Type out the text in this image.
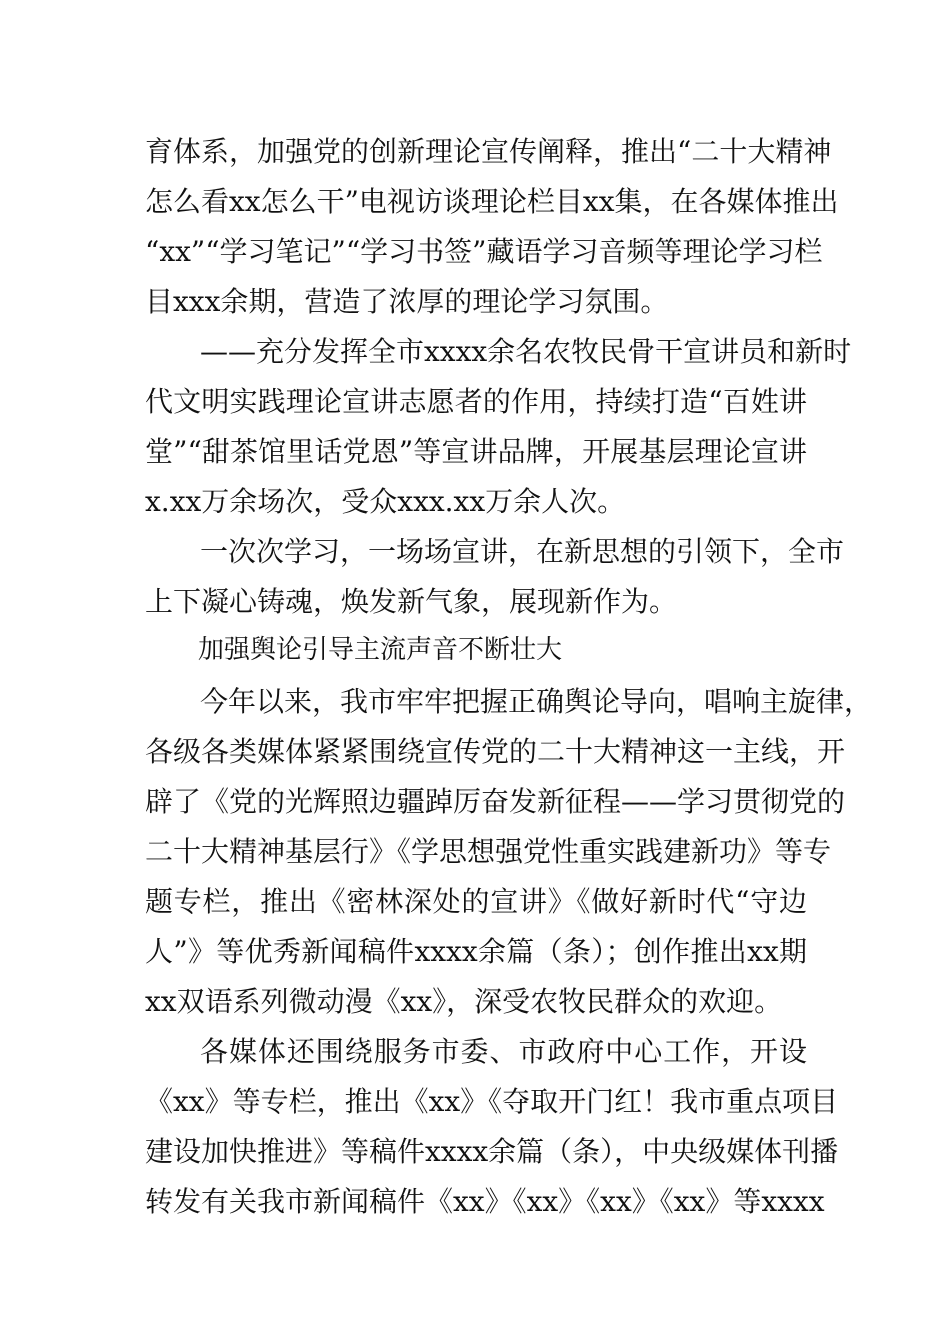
育体系，加强党的创新理论宣传阐释，推出“二十大精神
怎么看xx怎么干”电视访谈理论栏目xx集，在各媒体推出
“xx”“学习笔记”“学习书签”藏语学习音频等理论学习栏
目xxx余期，营造了浓厚的理论学习氛围。
——充分发挥全市xxxx余名农牧民骨干宣讲员和新时
代文明实践理论宣讲志愿者的作用，持续打造“百姓讲
堂”“甜茶馆里话党恩”等宣讲品牌，开展基层理论宣讲
x.xx万余场次，受众xxx.xx万余人次。
一次次学习，一场场宣讲，在新思想的引领下，全市
上下凝心铸魂，焕发新气象，展现新作为。
加强舆论引导主流声音不断壮大
今年以来，我市牢牢把握正确舆论导向，唱响主旋律，
各级各类媒体紧紧围绕宣传党的二十大精神这一主线，开
辟了《党的光辉照边疆踔厉奋发新征程——学习贯彻党的
二十大精神基层行》《学思想强党性重实践建新功》等专
题专栏，推出《密林深处的宣讲》《做好新时代“守边
人”》等优秀新闻稿件xxxx余篇（条）；创作推出xx期
xx双语系列微动漫《xx》，深受农牧民群众的欢迎。
各媒体还围绕服务市委、市政府中心工作，开设
《xx》等专栏，推出《xx》《夺取开门红！我市重点项目
建设加快推进》等稿件xxxx余篇（条），中央级媒体刊播
转发有关我市新闻稿件《xx》《xx》《xx》《xx》等xxxx
